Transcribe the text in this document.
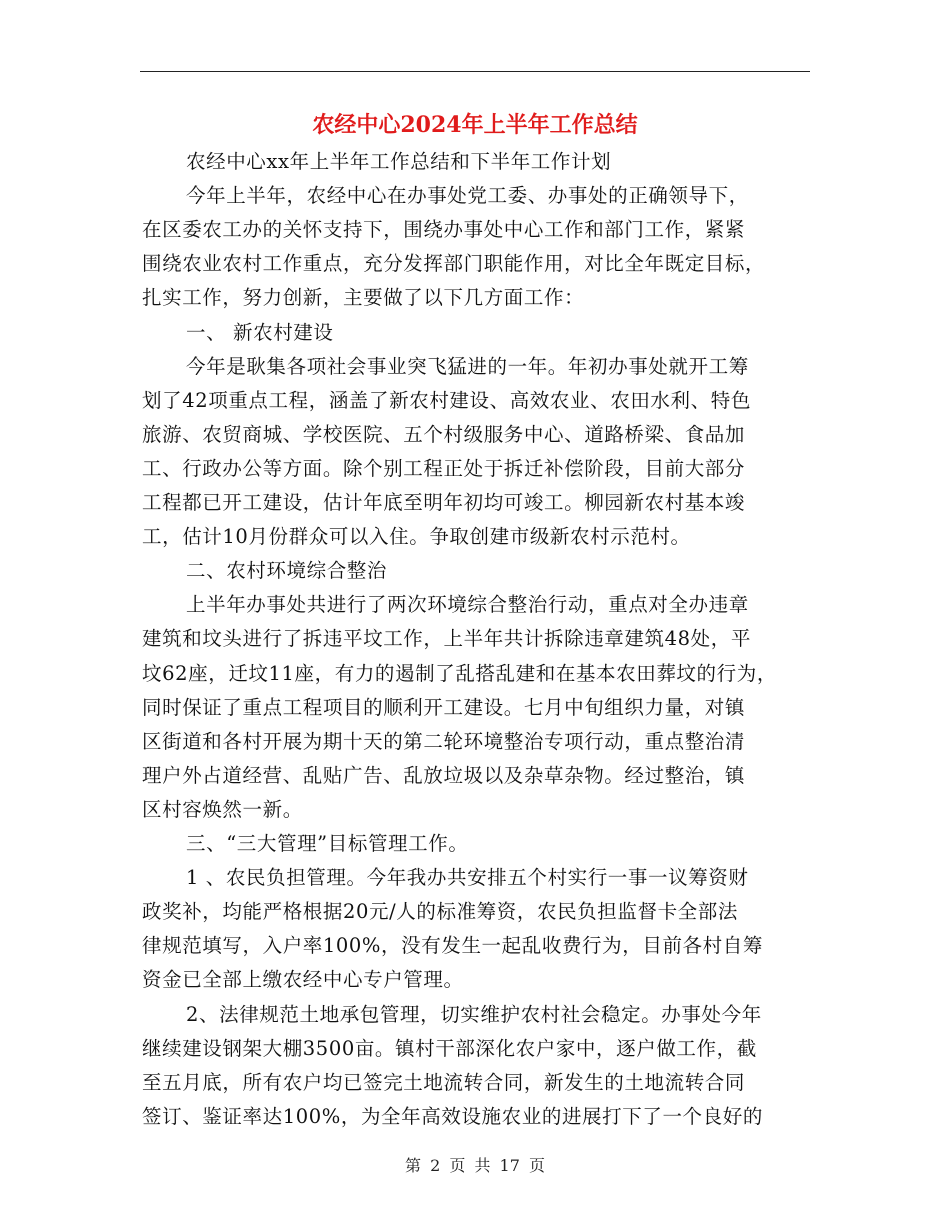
农经中心2024年上半年工作总结
农经中心xx年上半年工作总结和下半年工作计划
今年上半年，农经中心在办事处党工委、办事处的正确领导下，
在区委农工办的关怀支持下，围绕办事处中心工作和部门工作，紧紧
围绕农业农村工作重点，充分发挥部门职能作用，对比全年既定目标，
扎实工作，努力创新，主要做了以下几方面工作：
一、 新农村建设
今年是耿集各项社会事业突飞猛进的一年。年初办事处就开工筹
划了42项重点工程，涵盖了新农村建设、高效农业、农田水利、特色
旅游、农贸商城、学校医院、五个村级服务中心、道路桥梁、食品加
工、行政办公等方面。除个别工程正处于拆迁补偿阶段，目前大部分
工程都已开工建设，估计年底至明年初均可竣工。柳园新农村基本竣
工，估计10月份群众可以入住。争取创建市级新农村示范村。
二、农村环境综合整治
上半年办事处共进行了两次环境综合整治行动，重点对全办违章
建筑和坟头进行了拆违平坟工作，上半年共计拆除违章建筑48处，平
坟62座，迁坟11座，有力的遏制了乱搭乱建和在基本农田葬坟的行为，
同时保证了重点工程项目的顺利开工建设。七月中旬组织力量，对镇
区街道和各村开展为期十天的第二轮环境整治专项行动，重点整治清
理户外占道经营、乱贴广告、乱放垃圾以及杂草杂物。经过整治，镇
区村容焕然一新。
三、“三大管理”目标管理工作。
1 、农民负担管理。今年我办共安排五个村实行一事一议筹资财
政奖补，均能严格根据20元/人的标准筹资，农民负担监督卡全部法
律规范填写，入户率100%，没有发生一起乱收费行为，目前各村自筹
资金已全部上缴农经中心专户管理。
2、法律规范土地承包管理，切实维护农村社会稳定。办事处今年
继续建设钢架大棚3500亩。镇村干部深化农户家中，逐户做工作，截
至五月底，所有农户均已签完土地流转合同，新发生的土地流转合同
签订、鉴证率达100%，为全年高效设施农业的进展打下了一个良好的
第 2 页 共 17 页
